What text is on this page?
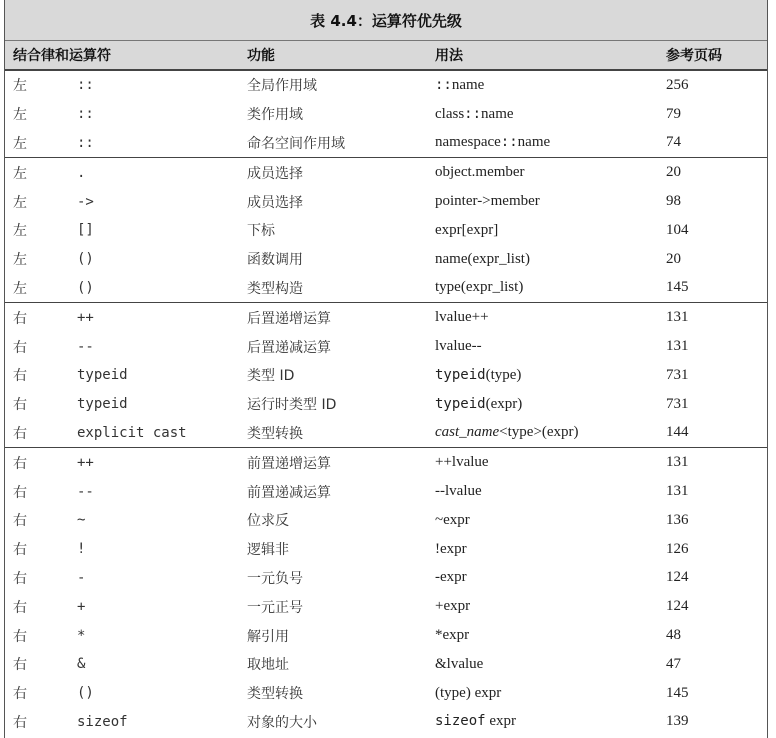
表 4.4：运算符优先级
结合律和运算符	功能	用法	参考页码
左	::	全局作用域	::name	256
左	::	类作用域	class::name	79
左	::	命名空间作用域	namespace::name	74
左	.	成员选择	object.member	20
左	->	成员选择	pointer->member	98
左	[]	下标	expr[expr]	104
左	()	函数调用	name(expr_list)	20
左	()	类型构造	type(expr_list)	145
右	++	后置递增运算	lvalue++	131
右	--	后置递减运算	lvalue--	131
右	typeid	类型 ID	typeid(type)	731
右	typeid	运行时类型 ID	typeid(expr)	731
右	explicit cast	类型转换	cast_name<type>(expr)	144
右	++	前置递增运算	++lvalue	131
右	--	前置递减运算	--lvalue	131
右	~	位求反	~expr	136
右	!	逻辑非	!expr	126
右	-	一元负号	-expr	124
右	+	一元正号	+expr	124
右	*	解引用	*expr	48
右	&	取地址	&lvalue	47
右	()	类型转换	(type) expr	145
右	sizeof	对象的大小	sizeof expr	139
